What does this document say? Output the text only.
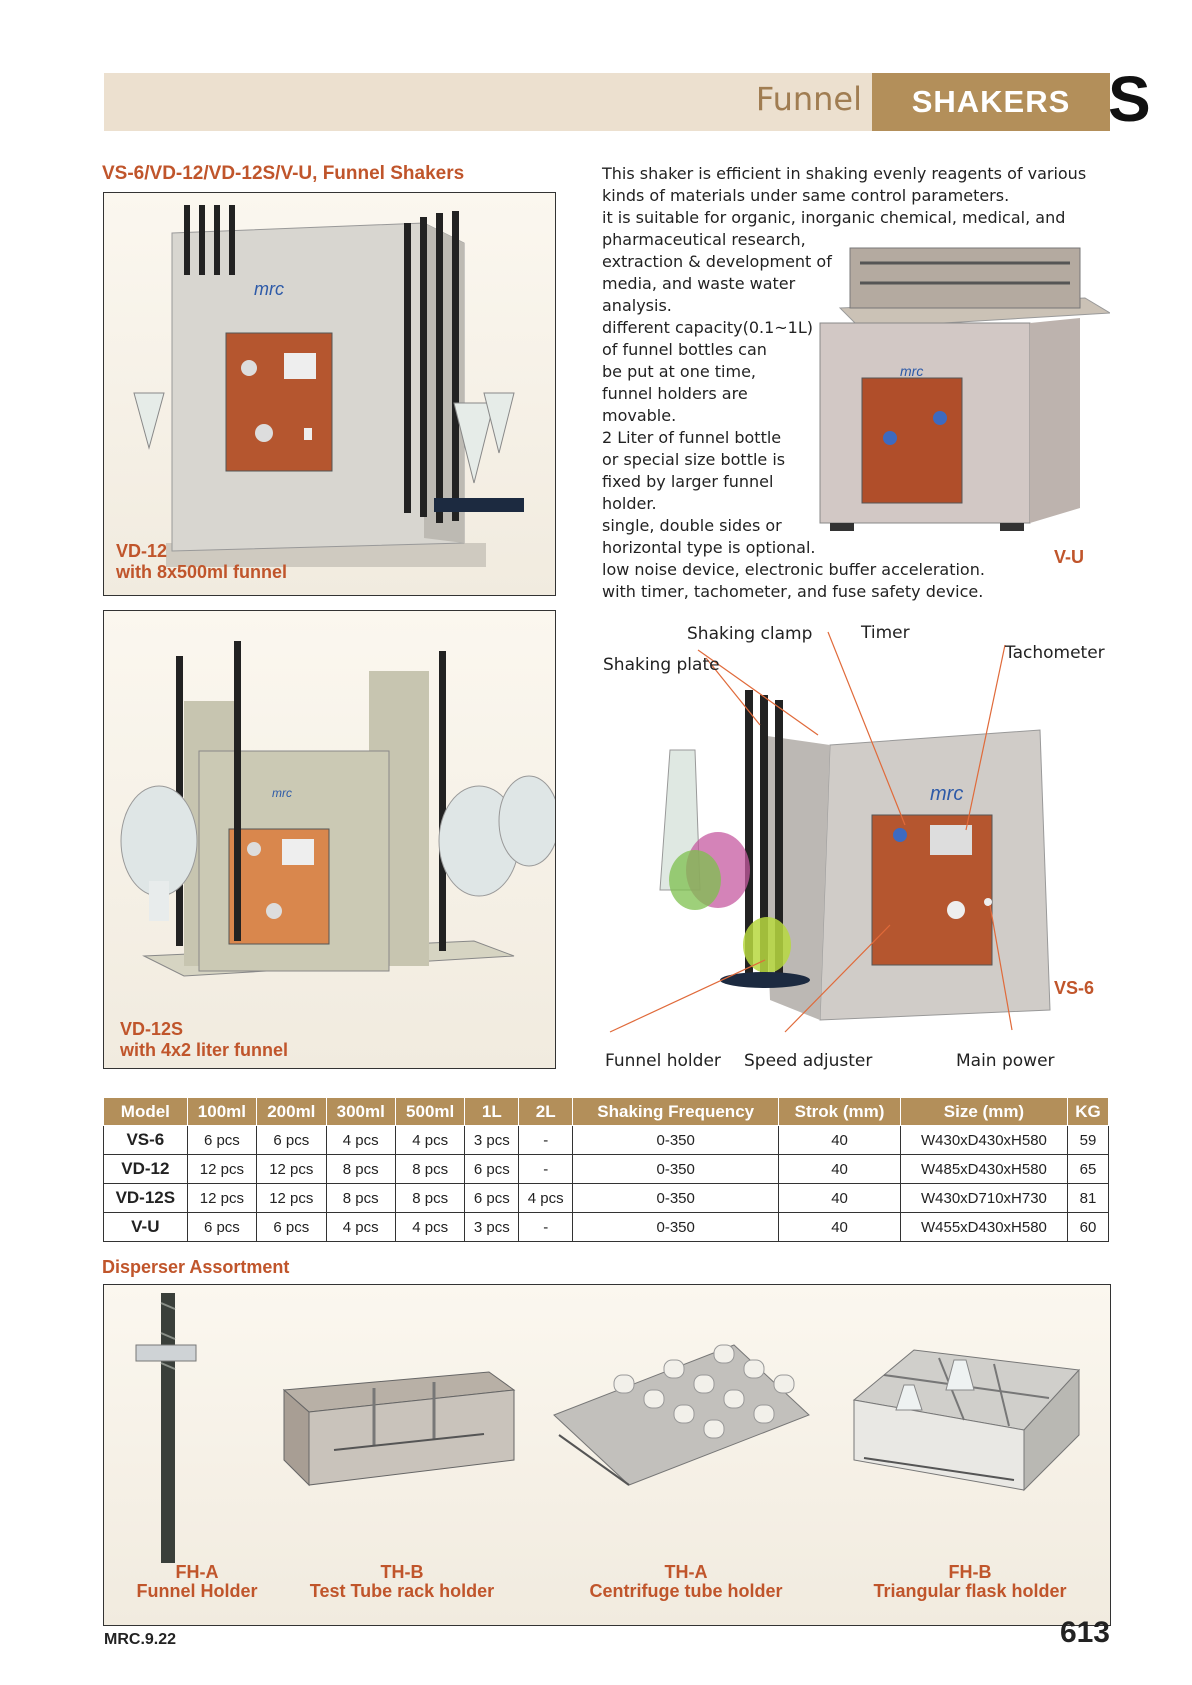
Funnel	SHAKERS S
VS-6/VD-12/VD-12S/V-U, Funnel Shakers
mrc
VD-12
with 8x500ml funnel
mrc
VD-12S
with 4x2 liter funnel
mrc
V-U

This shaker is efficient in shaking evenly reagents of various

kinds of materials under same control parameters.

it is suitable for organic, inorganic chemical, medical, and

pharmaceutical research,

extraction & development of

media, and waste water

analysis.

different capacity(0.1~1L)

of funnel bottles can

be put at one time,

funnel holders are

movable.

2 Liter of funnel bottle

or special size bottle is

fixed by larger funnel

holder.

single, double sides or

horizontal type is optional.

low noise device, electronic buffer acceleration.

with timer, tachometer, and fuse safety device.

mrc
Shaking clamp	Timer
Tachometer
Shaking plate
Funnel holder Speed adjuster	Main power
VS-6
Model	100ml	200ml	300ml	500ml	1L	2L	Shaking Frequency	Strok (mm)	Size (mm)	KG
VS-6	6 pcs	6 pcs	4 pcs	4 pcs	3 pcs	-	0-350	40	W430xD430xH580	59
VD-12	12 pcs	12 pcs	8 pcs	8 pcs	6 pcs	-	0-350	40	W485xD430xH580	65
VD-12S	12 pcs	12 pcs	8 pcs	8 pcs	6 pcs	4 pcs	0-350	40	W430xD710xH730	81
V-U	6 pcs	6 pcs	4 pcs	4 pcs	3 pcs	-	0-350	40	W455xD430xH580	60
Disperser Assortment
FH-A
Funnel Holder
TH-B
Test Tube rack holder
TH-A
Centrifuge tube holder
FH-B
Triangular flask holder
MRC.9.22	613
